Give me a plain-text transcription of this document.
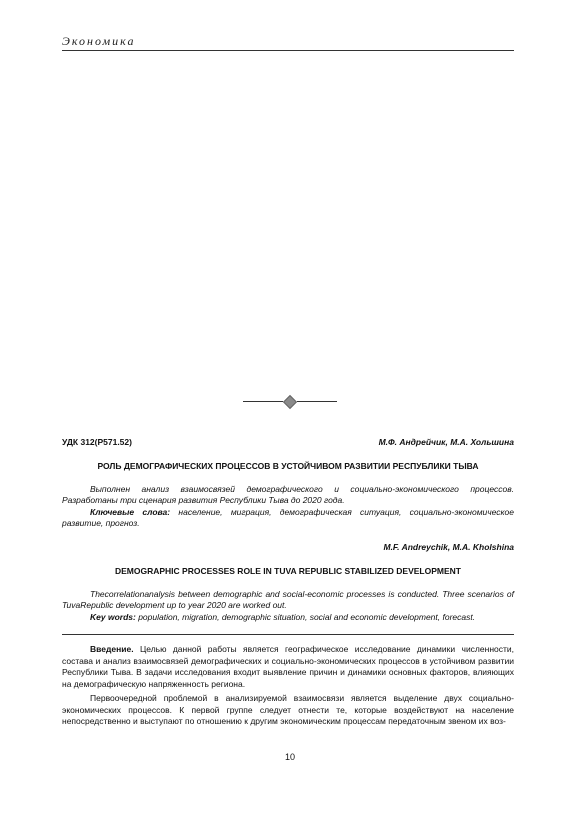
Экономика
УДК 312(Р571.52)	М.Ф. Андрейчик, М.А. Хольшина
РОЛЬ ДЕМОГРАФИЧЕСКИХ ПРОЦЕССОВ В УСТОЙЧИВОМ РАЗВИТИИ РЕСПУБЛИКИ ТЫВА

Выполнен анализ взаимосвязей демографического и социально-экономического процессов. Разработаны три сценария развития Республики Тыва до 2020 года.

Ключевые слова: население, миграция, демографическая ситуация, социально-экономическое развитие, прогноз.

M.F. Andreychik, M.A. Kholshina
DEMOGRAPHIC PROCESSES ROLE IN TUVA REPUBLIC STABILIZED DEVELOPMENT

Thecorrelationanalysis between demographic and social-economic processes is conducted. Three scenarios of TuvaRepublic development up to year 2020 are worked out.

Key words: population, migration, demographic situation, social and economic development, forecast.

Введение. Целью данной работы является географическое исследование динамики численности, состава и анализ взаимосвязей демографических и социально-экономических процессов в устойчивом развитии Республики Тыва. В задачи исследования входит выявление причин и динамики основных факторов, влияющих на демографическую напряженность региона.

Первоочередной проблемой в анализируемой взаимосвязи является выделение двух социально-экономических процессов. К первой группе следует отнести те, которые воздействуют на население непосредственно и выступают по отношению к другим экономическим процессам передаточным звеном их воз-

10
